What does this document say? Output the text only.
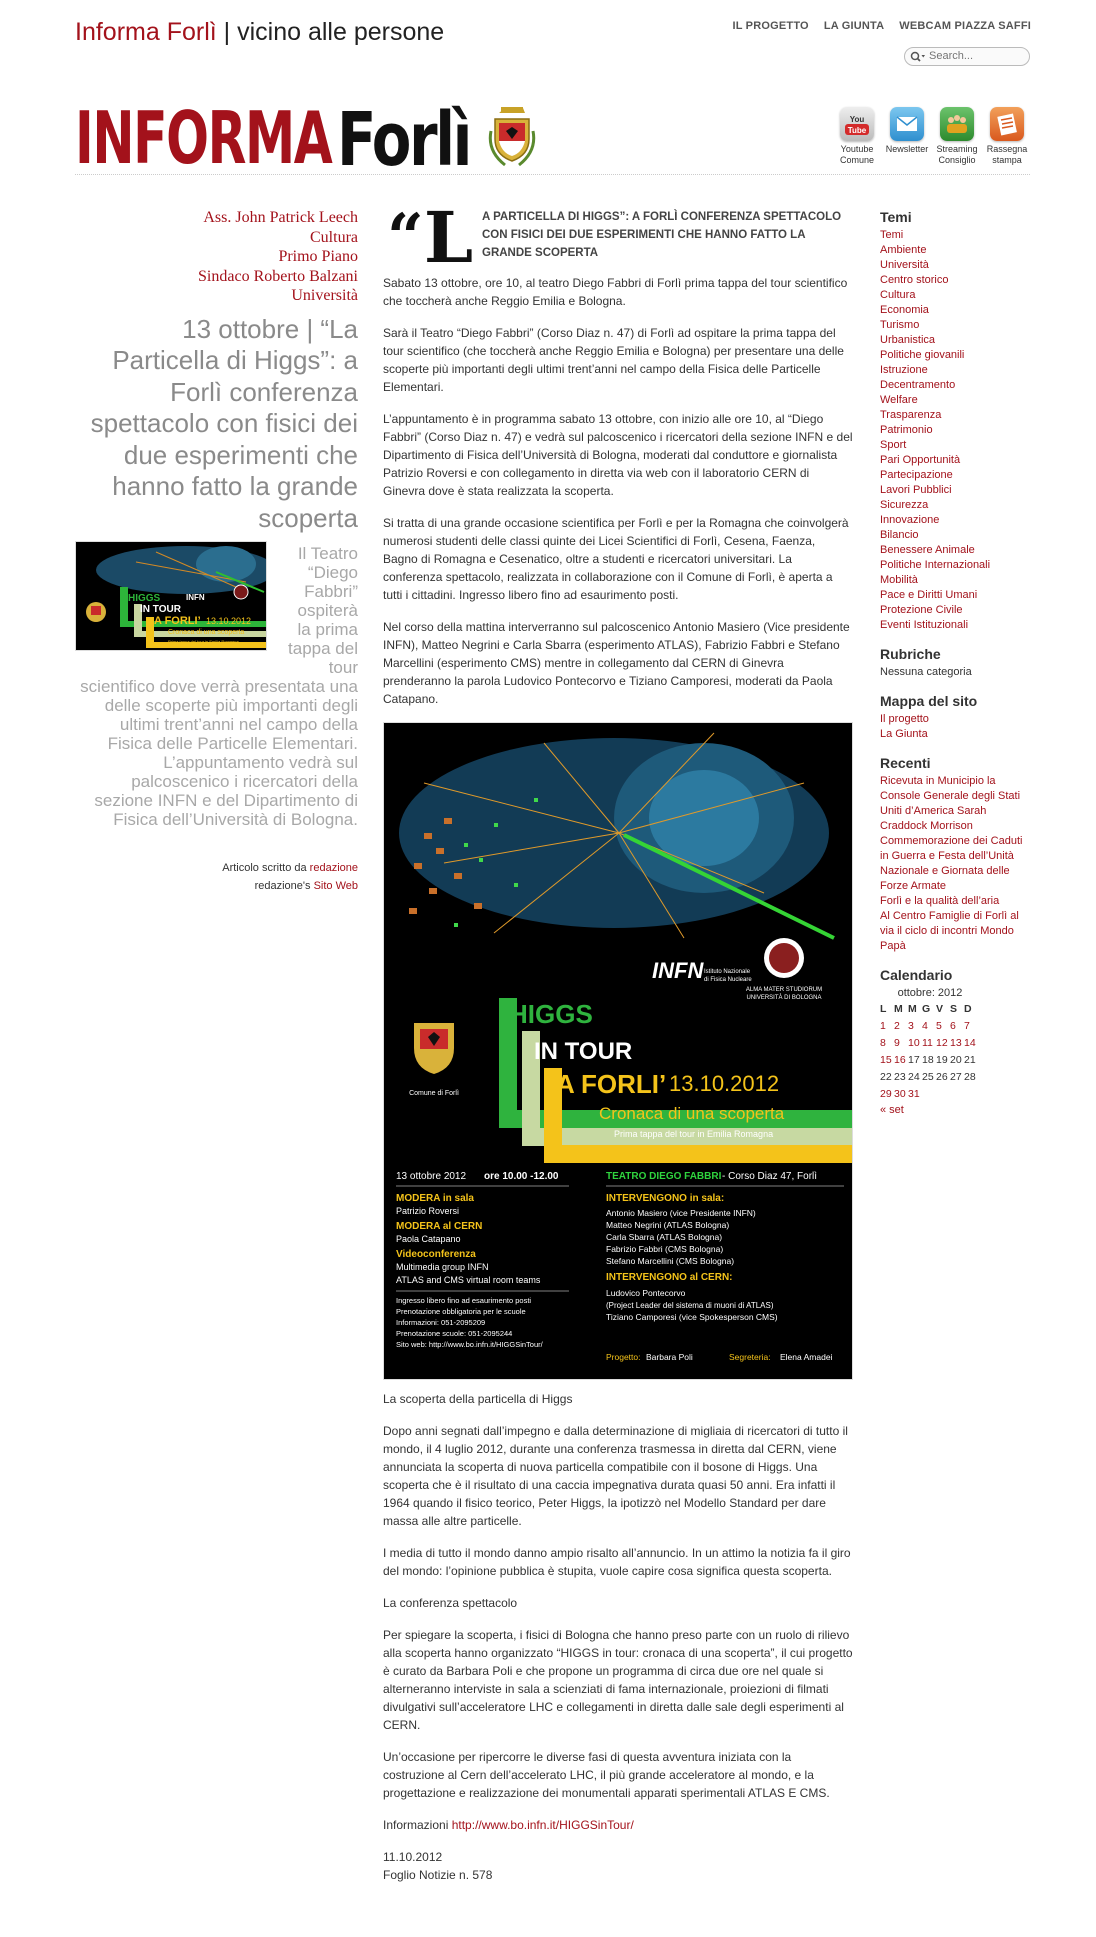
Informa Forlì | vicino alle persone	IL PROGETTO LA GIUNTA WEBCAM PIAZZA SAFFI
Search...
INFORMA Forlì	You
Tube
Youtube
Comune
Newsletter Streaming
Consiglio
Rassegna
stampa
Ass. John Patrick Leech
Cultura
Primo Piano
Sindaco Roberto Balzani
Università
13 ottobre | “La Particella di Higgs”: a Forlì conferenza spettacolo con fisici dei due esperimenti che hanno fatto la grande scoperta
INFN
HIGGS
IN TOUR
A FORLI’ 13.10.2012
Cronaca di una scoperta
Prima tappa del tour in Emilia Romagna
Il Teatro
“Diego
Fabbri”
ospiterà
la prima
tappa del
tour
scientifico dove verrà presentata una delle scoperte più importanti degli ultimi trent’anni nel campo della Fisica delle Particelle Elementari. L’appuntamento vedrà sul palcoscenico i ricercatori della sezione INFN e del Dipartimento di Fisica dell’Università di Bologna.
Articolo scritto da redazione
redazione's Sito Web
“L A PARTICELLA DI HIGGS”: A FORLÌ CONFERENZA SPETTACOLO CON FISICI DEI DUE ESPERIMENTI CHE HANNO FATTO LA GRANDE SCOPERTA

Sabato 13 ottobre, ore 10, al teatro Diego Fabbri di Forlì prima tappa del tour scientifico che toccherà anche Reggio Emilia e Bologna.

Sarà il Teatro “Diego Fabbri” (Corso Diaz n. 47) di Forlì ad ospitare la prima tappa del tour scientifico (che toccherà anche Reggio Emilia e Bologna) per presentare una delle scoperte più importanti degli ultimi trent’anni nel campo della Fisica delle Particelle Elementari.

L’appuntamento è in programma sabato 13 ottobre, con inizio alle ore 10, al “Diego Fabbri” (Corso Diaz n. 47) e vedrà sul palcoscenico i ricercatori della sezione INFN e del Dipartimento di Fisica dell’Università di Bologna, moderati dal conduttore e giornalista Patrizio Roversi e con collegamento in diretta via web con il laboratorio CERN di Ginevra dove è stata realizzata la scoperta.

Si tratta di una grande occasione scientifica per Forlì e per la Romagna che coinvolgerà numerosi studenti delle classi quinte dei Licei Scientifici di Forlì, Cesena, Faenza, Bagno di Romagna e Cesenatico, oltre a studenti e ricercatori universitari. La conferenza spettacolo, realizzata in collaborazione con il Comune di Forlì, è aperta a tutti i cittadini. Ingresso libero fino ad esaurimento posti.

Nel corso della mattina interverranno sul palcoscenico Antonio Masiero (Vice presidente INFN), Matteo Negrini e Carla Sbarra (esperimento ATLAS), Fabrizio Fabbri e Stefano Marcellini (esperimento CMS) mentre in collegamento dal CERN di Ginevra prenderanno la parola Ludovico Pontecorvo e Tiziano Camporesi, moderati da Paola Catapano.

INFN Istituto Nazionale
di Fisica Nucleare
ALMA MATER STUDIORUM
UNIVERSITÀ DI BOLOGNA
HIGGS
IN TOUR
A FORLI’ 13.10.2012
Cronaca di una scoperta
Prima tappa del tour in Emilia Romagna
Comune di Forlì
13 ottobre 2012 ore 10.00 -12.00	TEATRO DIEGO FABBRI - Corso Diaz 47, Forlì
MODERA in sala
Patrizio Roversi
MODERA al CERN
Paola Catapano
Videoconferenza
Multimedia group INFN
ATLAS and CMS virtual room teams
Ingresso libero fino ad esaurimento posti
Prenotazione obbligatoria per le scuole
Informazioni: 051-2095209
Prenotazione scuole: 051-2095244
Sito web: http://www.bo.infn.it/HIGGSinTour/
INTERVENGONO in sala:
Antonio Masiero (vice Presidente INFN)
Matteo Negrini (ATLAS Bologna)
Carla Sbarra (ATLAS Bologna)
Fabrizio Fabbri (CMS Bologna)
Stefano Marcellini (CMS Bologna)
INTERVENGONO al CERN:
Ludovico Pontecorvo
(Project Leader del sistema di muoni di ATLAS)
Tiziano Camporesi (vice Spokesperson CMS)
Progetto: Barbara Poli	Segreteria: Elena Amadei

La scoperta della particella di Higgs

Dopo anni segnati dall’impegno e dalla determinazione di migliaia di ricercatori di tutto il mondo, il 4 luglio 2012, durante una conferenza trasmessa in diretta dal CERN, viene annunciata la scoperta di nuova particella compatibile con il bosone di Higgs. Una scoperta che è il risultato di una caccia impegnativa durata quasi 50 anni. Era infatti il 1964 quando il fisico teorico, Peter Higgs, la ipotizzò nel Modello Standard per dare massa alle altre particelle.

I media di tutto il mondo danno ampio risalto all’annuncio. In un attimo la notizia fa il giro del mondo: l’opinione pubblica è stupita, vuole capire cosa significa questa scoperta.

La conferenza spettacolo

Per spiegare la scoperta, i fisici di Bologna che hanno preso parte con un ruolo di rilievo alla scoperta hanno organizzato “HIGGS in tour: cronaca di una scoperta”, il cui progetto è curato da Barbara Poli e che propone un programma di circa due ore nel quale si alterneranno interviste in sala a scienziati di fama internazionale, proiezioni di filmati divulgativi sull’acceleratore LHC e collegamenti in diretta dalle sale degli esperimenti al CERN.

Un’occasione per ripercorre le diverse fasi di questa avventura iniziata con la costruzione al Cern dell’accelerato LHC, il più grande acceleratore al mondo, e la progettazione e realizzazione dei monumentali apparati sperimentali ATLAS E CMS.

Informazioni http://www.bo.infn.it/HIGGSinTour/

11.10.2012
Foglio Notizie n. 578

Temi
Temi
Ambiente
Università
Centro storico
Cultura
Economia
Turismo
Urbanistica
Politiche giovanili
Istruzione
Decentramento
Welfare
Trasparenza
Patrimonio
Sport
Pari Opportunità
Partecipazione
Lavori Pubblici
Sicurezza
Innovazione
Bilancio
Benessere Animale
Politiche Internazionali
Mobilità
Pace e Diritti Umani
Protezione Civile
Eventi Istituzionali
Rubriche
Nessuna categoria
Mappa del sito
Il progetto
La Giunta
Recenti
Ricevuta in Municipio la Console Generale degli Stati Uniti d’America Sarah Craddock Morrison
Commemorazione dei Caduti in Guerra e Festa dell’Unità Nazionale e Giornata delle Forze Armate
Forlì e la qualità dell’aria
Al Centro Famiglie di Forlì al via il ciclo di incontri Mondo Papà
Calendario
ottobre: 2012
L	M	M	G	V	S	D
1	2	3	4	5	6	7
8	9	10	11	12	13	14
15	16	17	18	19	20	21
22	23	24	25	26	27	28
29	30	31				
« set
